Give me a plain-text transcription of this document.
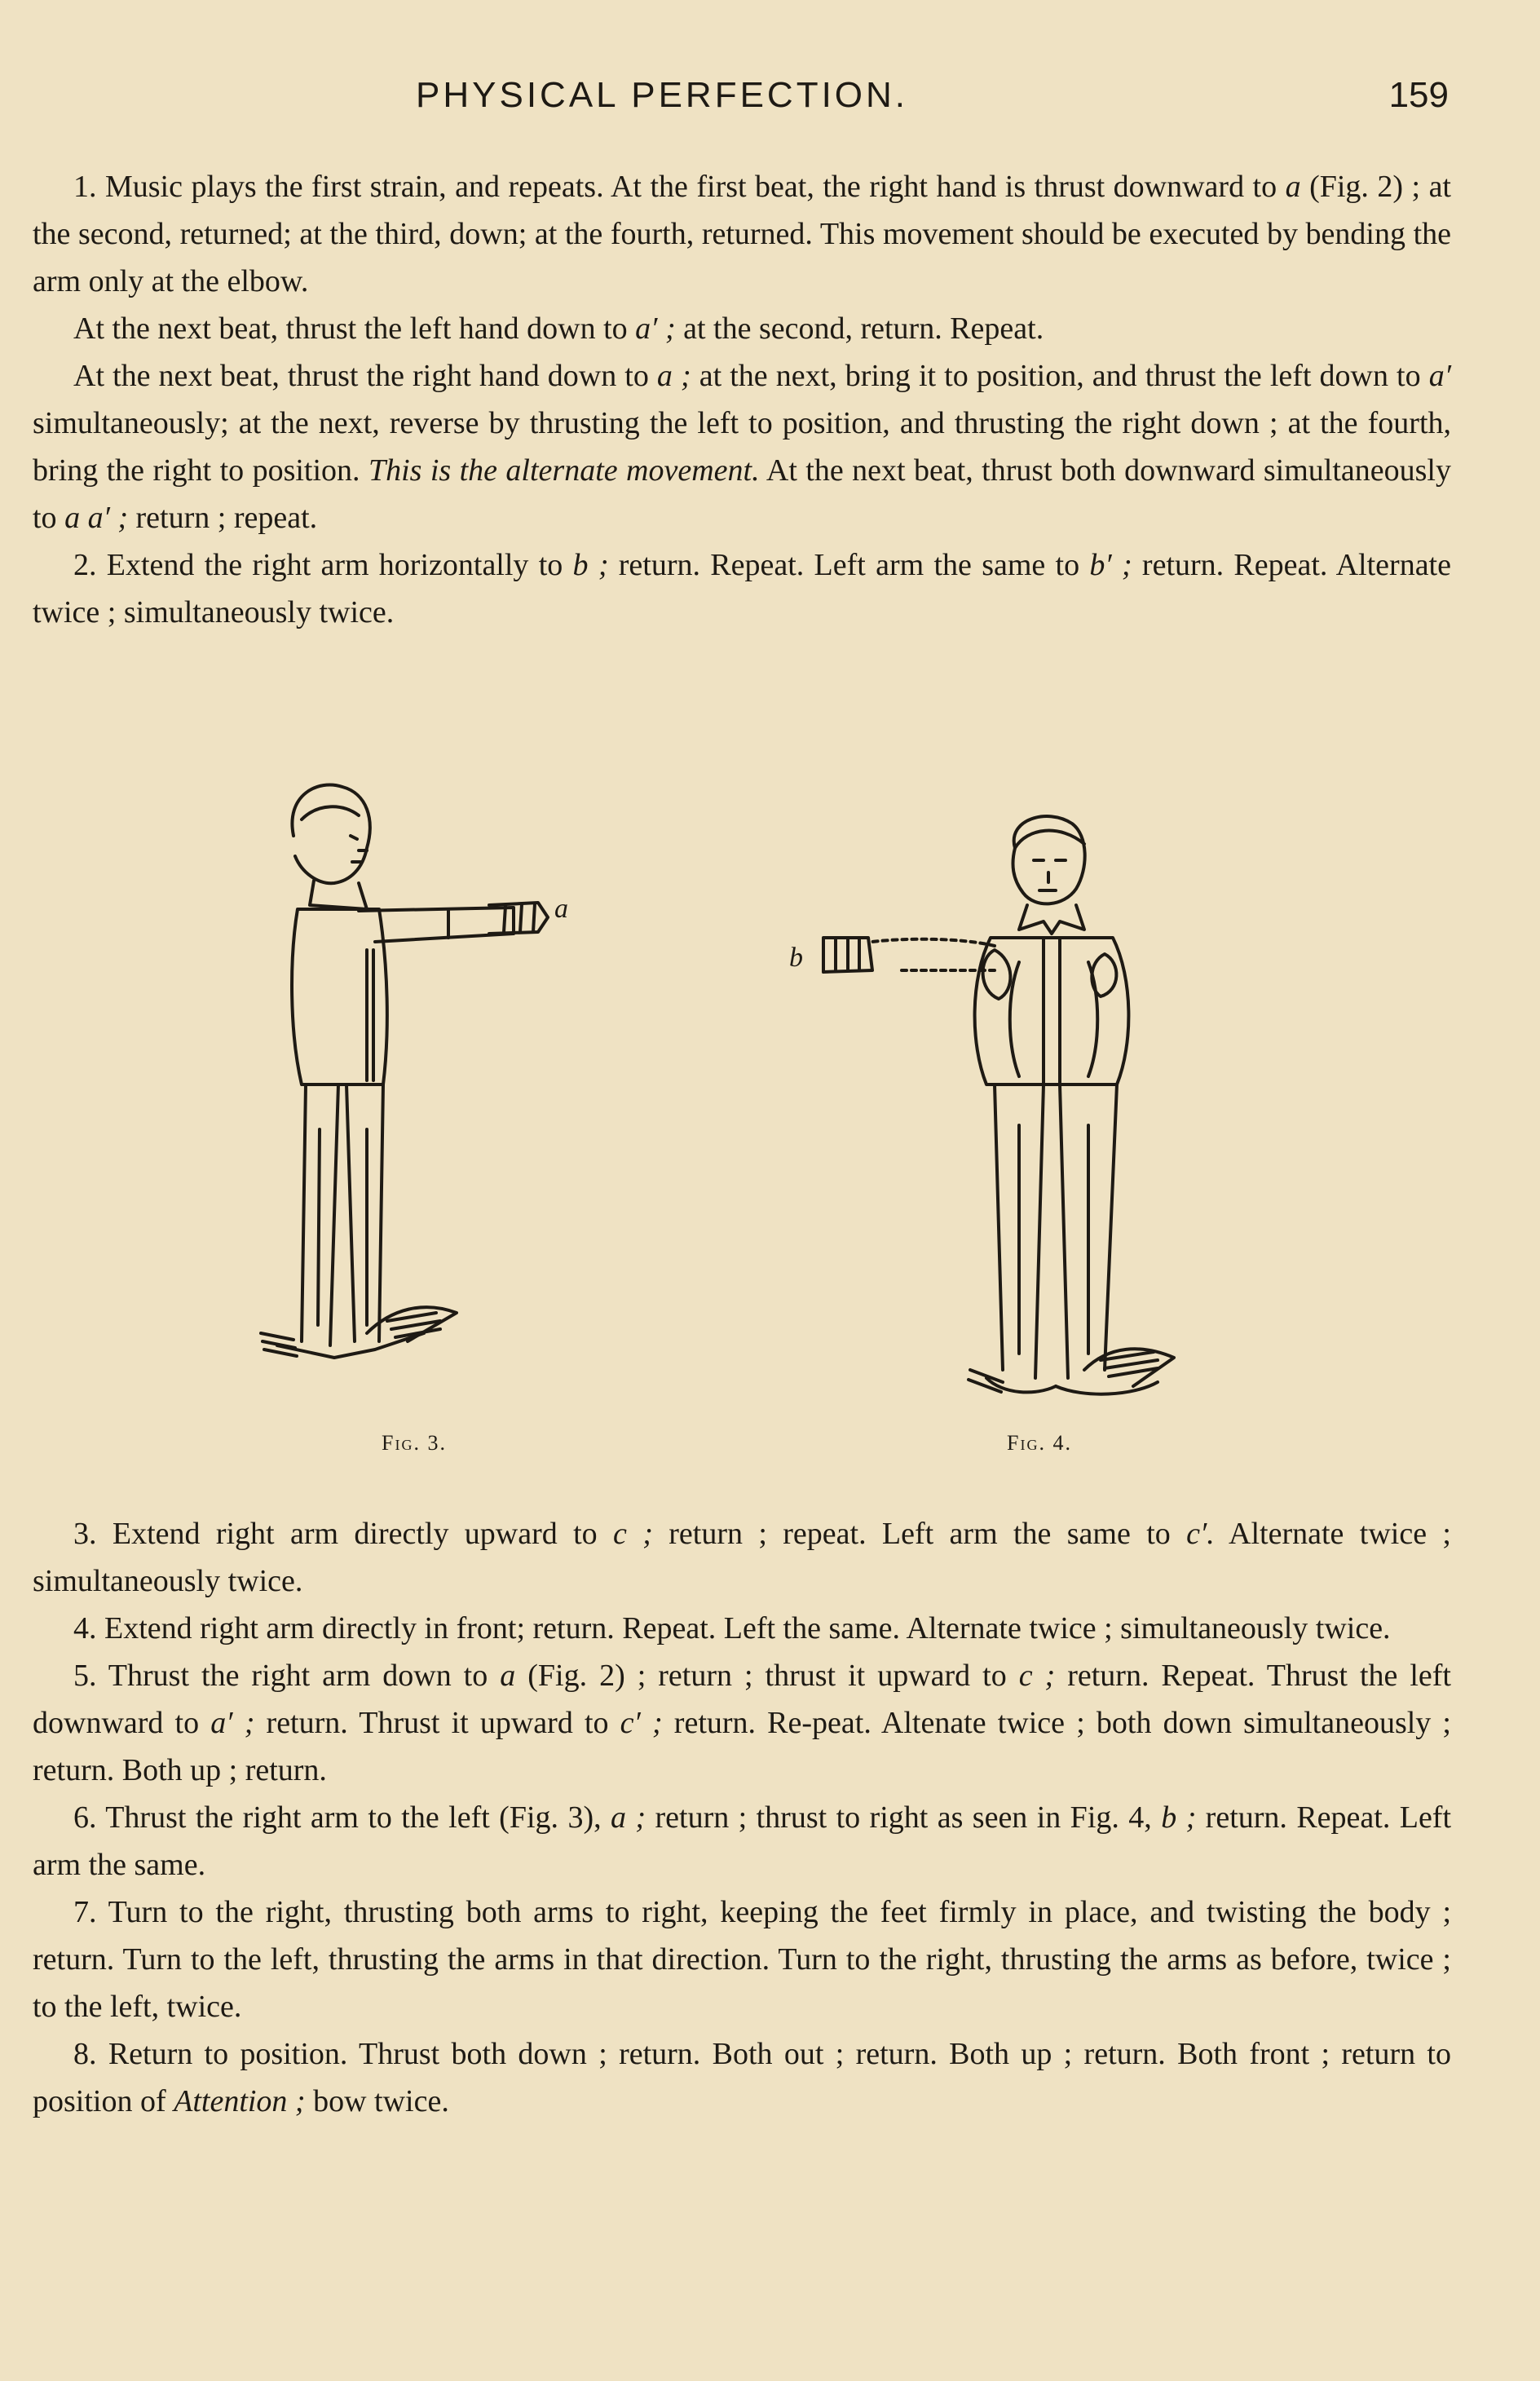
PHYSICAL PERFECTION.	159

1. Music plays the first strain, and repeats. At the first beat, the right hand is thrust downward to a (Fig. 2) ; at the second, returned; at the third, down; at the fourth, returned. This movement should be executed by bending the arm only at the elbow.

At the next beat, thrust the left hand down to a′ ; at the second, return. Repeat.

At the next beat, thrust the right hand down to a ; at the next, bring it to position, and thrust the left down to a′ simultaneously; at the next, reverse by thrusting the left to position, and thrusting the right down ; at the fourth, bring the right to position. This is the alternate movement. At the next beat, thrust both downward simultaneously to a a′ ; return ; repeat.

2. Extend the right arm horizontally to b ; return. Repeat. Left arm the same to b′ ; return. Repeat. Alternate twice ; simultaneously twice.

a
b
Fig. 3.	Fig. 4.

3. Extend right arm directly upward to c ; return ; repeat. Left arm the same to c′. Alternate twice ; simultaneously twice.

4. Extend right arm directly in front; return. Repeat. Left the same. Alternate twice ; simultaneously twice.

5. Thrust the right arm down to a (Fig. 2) ; return ; thrust it upward to c ; return. Repeat. Thrust the left downward to a′ ; return. Thrust it upward to c′ ; return. Re-peat. Altenate twice ; both down simultaneously ; return. Both up ; return.

6. Thrust the right arm to the left (Fig. 3), a ; return ; thrust to right as seen in Fig. 4, b ; return. Repeat. Left arm the same.

7. Turn to the right, thrusting both arms to right, keeping the feet firmly in place, and twisting the body ; return. Turn to the left, thrusting the arms in that direction. Turn to the right, thrusting the arms as before, twice ; to the left, twice.

8. Return to position. Thrust both down ; return. Both out ; return. Both up ; return. Both front ; return to position of Attention ; bow twice.
